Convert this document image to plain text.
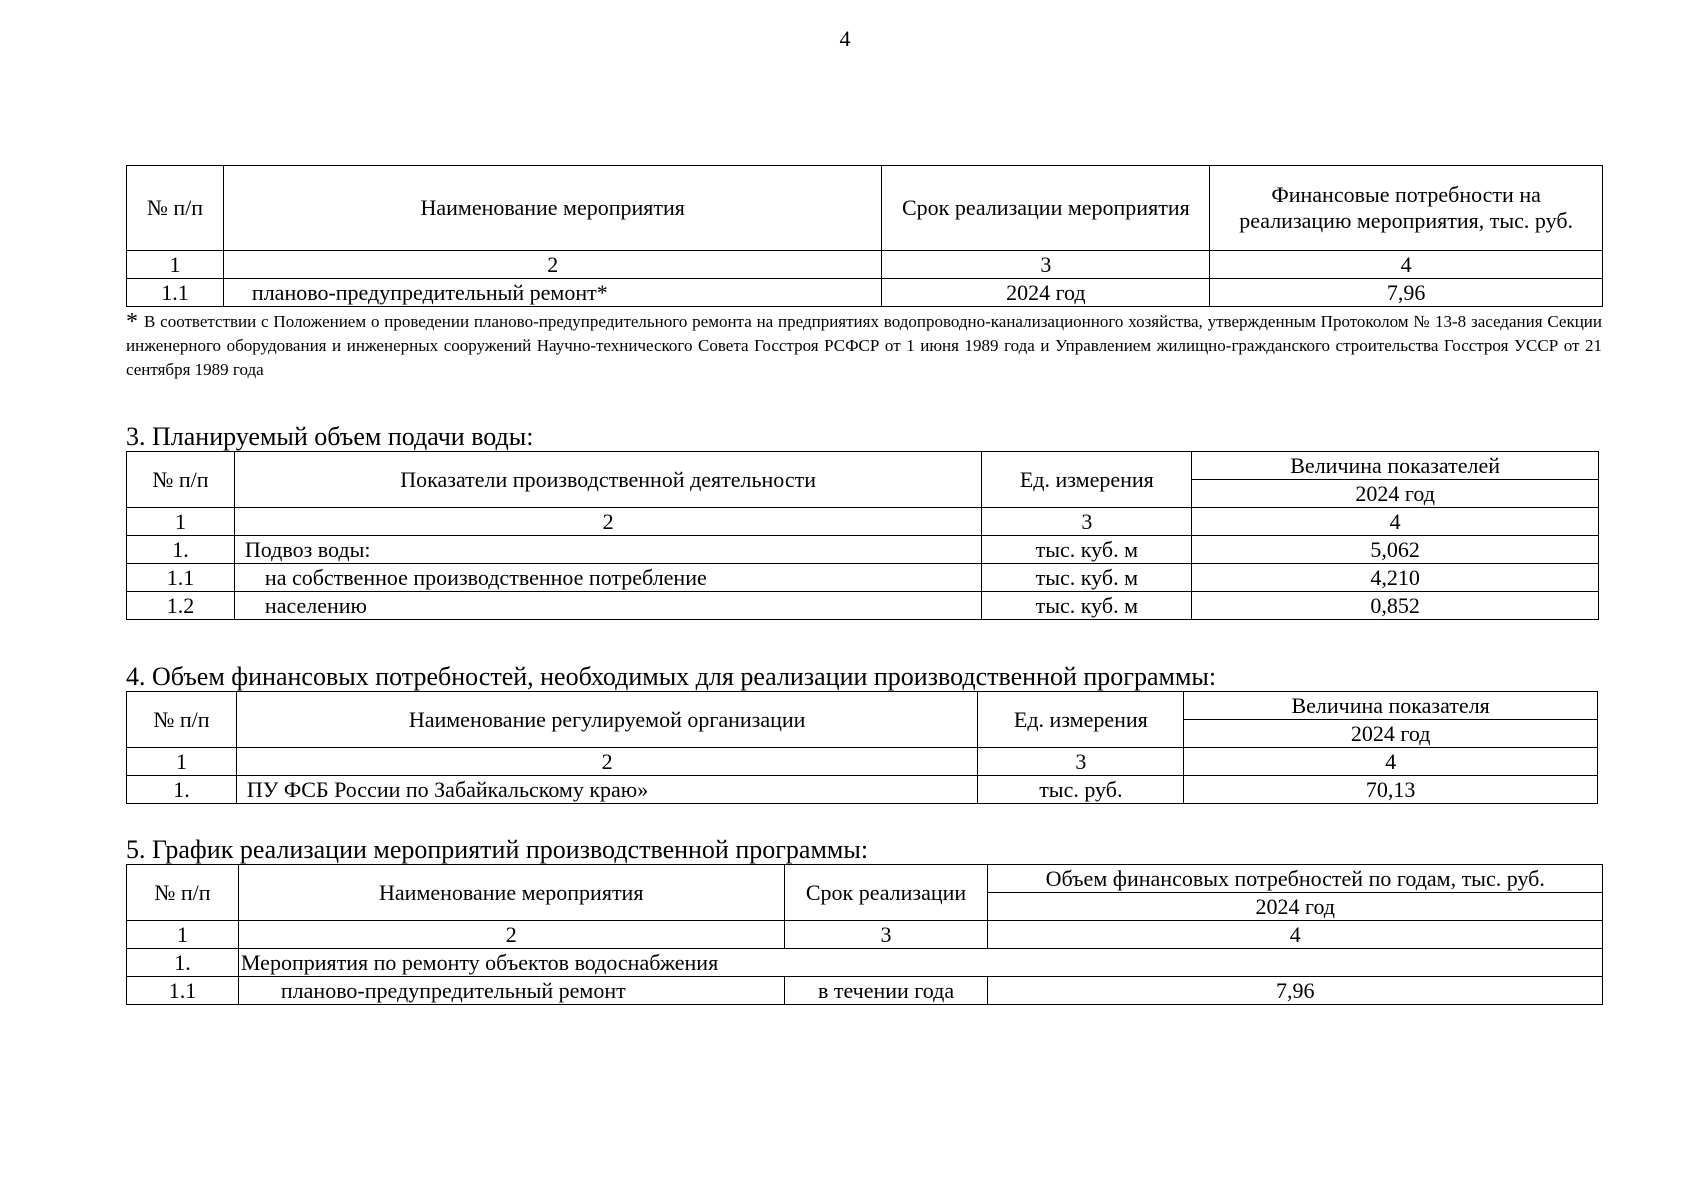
4
№ п/п	Наименование мероприятия	Срок реализации мероприятия	Финансовые потребности на реализацию мероприятия, тыс. руб.
1	2	3	4
1.1	планово-предупредительный ремонт*	2024 год	7,96
* В соответствии с Положением о проведении планово-предупредительного ремонта на предприятиях водопроводно-канализационного хозяйства, утвержденным Протоколом № 13-8 заседания Секции инженерного оборудования и инженерных сооружений Научно-технического Совета Госстроя РСФСР от 1 июня 1989 года и Управлением жилищно-гражданского строительства Госстроя УССР от 21 сентября 1989 года
3. Планируемый объем подачи воды:
№ п/п	Показатели производственной деятельности	Ед. измерения	Величина показателей
			2024 год
1	2	3	4
1.	Подвоз воды:	тыс. куб. м	5,062
1.1	на собственное производственное потребление	тыс. куб. м	4,210
1.2	населению	тыс. куб. м	0,852
4. Объем финансовых потребностей, необходимых для реализации производственной программы:
№ п/п	Наименование регулируемой организации	Ед. измерения	Величина показателя
			2024 год
1	2	3	4
1.	ПУ ФСБ России по Забайкальскому краю»	тыс. руб.	70,13
5. График реализации мероприятий производственной программы:
№ п/п	Наименование мероприятия	Срок реализации	Объем финансовых потребностей по годам, тыс. руб.
			2024 год
1	2	3	4
1.	Мероприятия по ремонту объектов водоснабжения		
1.1	планово-предупредительный ремонт	в течении года	7,96
